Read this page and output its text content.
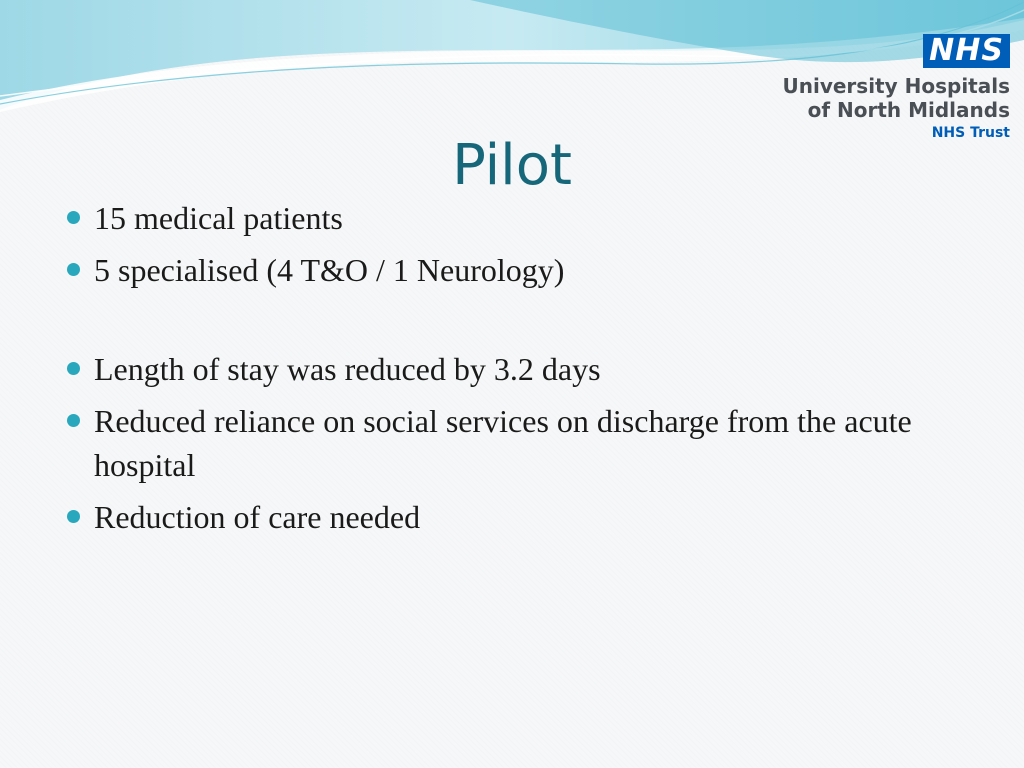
NHS
University Hospitals
of North Midlands
NHS Trust
Pilot
15 medical patients
5 specialised (4 T&O / 1 Neurology)
Length of stay was reduced by 3.2 days
Reduced reliance on social services on discharge from the acute hospital
Reduction of care needed
